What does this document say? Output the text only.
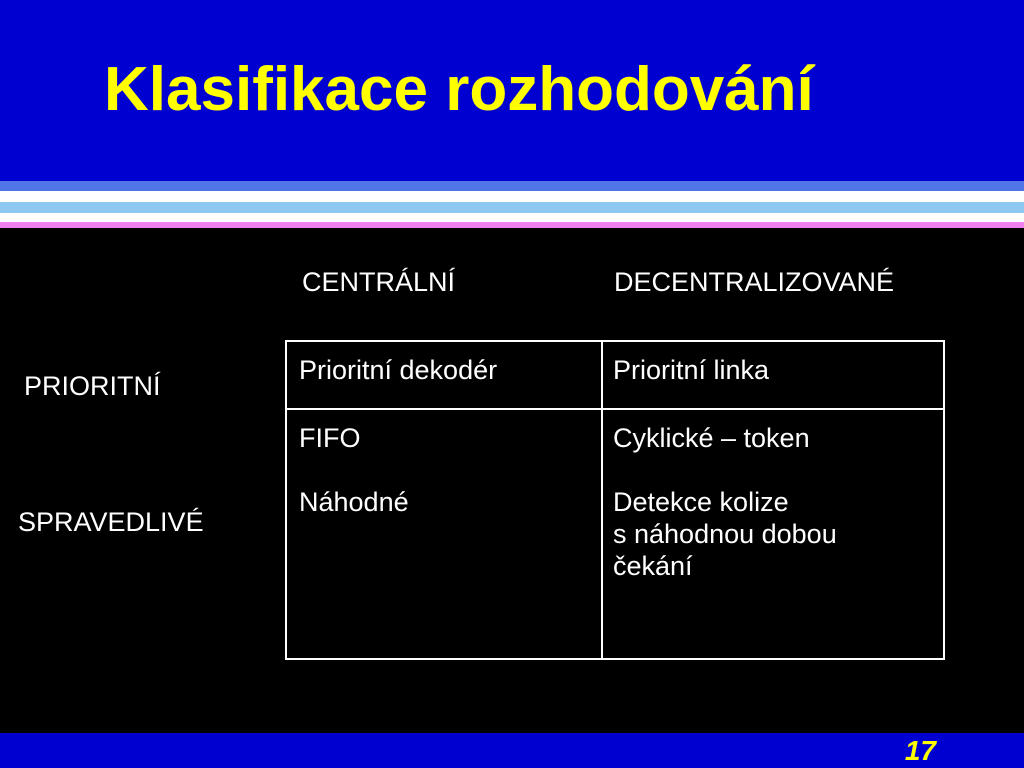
Klasifikace rozhodování
CENTRÁLNÍ	DECENTRALIZOVANÉ
PRIORITNÍ
SPRAVEDLIVÉ
Prioritní dekodér	Prioritní linka
FIFO
Náhodné
Cyklické – token
Detekce kolize
s náhodnou dobou
čekání
17
